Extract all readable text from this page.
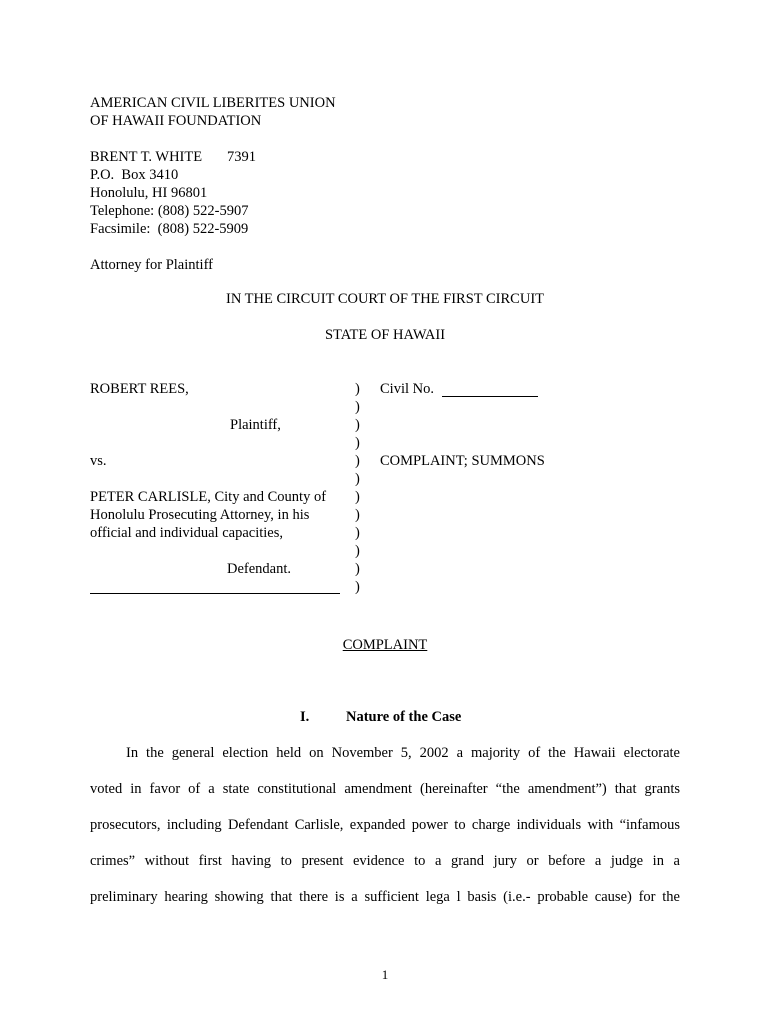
AMERICAN CIVIL LIBERITES UNION
OF HAWAII FOUNDATION
BRENT T. WHITE 7391
P.O.  Box 3410
Honolulu, HI 96801
Telephone: (808) 522-5907
Facsimile:  (808) 522-5909
Attorney for Plaintiff
IN THE CIRCUIT COURT OF THE FIRST CIRCUIT
STATE OF HAWAII
ROBERT REES,
Plaintiff,
vs.
PETER CARLISLE, City and County of
Honolulu Prosecuting Attorney, in his
official and individual capacities,
Defendant.
)
)
)
)
)
)
)
)
)
)
)
)
Civil No.
COMPLAINT; SUMMONS
COMPLAINT
I.	Nature of the Case
In the general election held on November 5, 2002 a majority of the Hawaii electorate
voted in favor of a state constitutional amendment (hereinafter “the amendment”) that grants
prosecutors, including Defendant Carlisle, expanded power to charge individuals with “infamous
crimes” without first having to present evidence to a grand jury or before a judge in a
preliminary hearing showing that there is a sufficient lega l basis (i.e.- probable cause) for the
1
